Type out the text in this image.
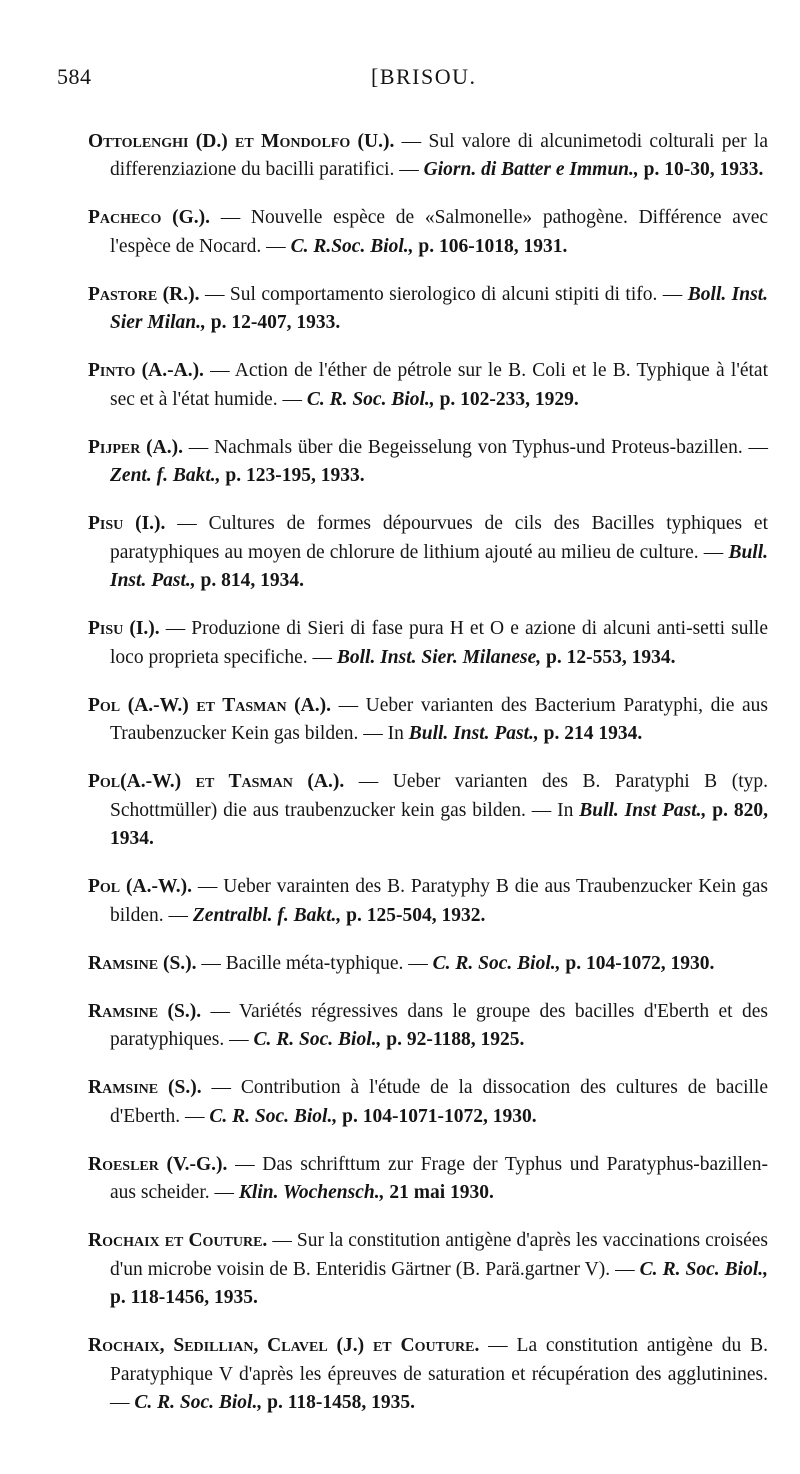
584	[BRISOU.

Ottolenghi (D.) et Mondolfo (U.). — Sul valore di alcunimetodi colturali per la differenziazione du bacilli paratifici. — Giorn. di Batter e Immun., p. 10-30, 1933.

Pacheco (G.). — Nouvelle espèce de «Salmonelle» pathogène. Différence avec l'espèce de Nocard. — C. R.Soc. Biol., p. 106-1018, 1931.

Pastore (R.). — Sul comportamento sierologico di alcuni stipiti di tifo. — Boll. Inst. Sier Milan., p. 12-407, 1933.

Pinto (A.-A.). — Action de l'éther de pétrole sur le B. Coli et le B. Typhique à l'état sec et à l'état humide. — C. R. Soc. Biol., p. 102-233, 1929.

Pijper (A.). — Nachmals über die Begeisselung von Typhus-und Proteus-bazillen. — Zent. f. Bakt., p. 123-195, 1933.

Pisu (I.). — Cultures de formes dépourvues de cils des Bacilles typhiques et paratyphiques au moyen de chlorure de lithium ajouté au milieu de culture. — Bull. Inst. Past., p. 814, 1934.

Pisu (I.). — Produzione di Sieri di fase pura H et O e azione di alcuni anti-setti sulle loco proprieta specifiche. — Boll. Inst. Sier. Milanese, p. 12-553, 1934.

Pol (A.-W.) et Tasman (A.). — Ueber varianten des Bacterium Paratyphi, die aus Traubenzucker Kein gas bilden. — In Bull. Inst. Past., p. 214 1934.

Pol(A.-W.) et Tasman (A.). — Ueber varianten des B. Paratyphi B (typ. Schottmüller) die aus traubenzucker kein gas bilden. — In Bull. Inst Past., p. 820, 1934.

Pol (A.-W.). — Ueber varainten des B. Paratyphy B die aus Traubenzucker Kein gas bilden. — Zentralbl. f. Bakt., p. 125-504, 1932.

Ramsine (S.). — Bacille méta-typhique. — C. R. Soc. Biol., p. 104-1072, 1930.

Ramsine (S.). — Variétés régressives dans le groupe des bacilles d'Eberth et des paratyphiques. — C. R. Soc. Biol., p. 92-1188, 1925.

Ramsine (S.). — Contribution à l'étude de la dissocation des cultures de bacille d'Eberth. — C. R. Soc. Biol., p. 104-1071-1072, 1930.

Roesler (V.-G.). — Das schrifttum zur Frage der Typhus und Paratyphus-bazillen- aus scheider. — Klin. Wochensch., 21 mai 1930.

Rochaix et Couture. — Sur la constitution antigène d'après les vaccinations croisées d'un microbe voisin de B. Enteridis Gärtner (B. Parä.gartner V). — C. R. Soc. Biol., p. 118-1456, 1935.

Rochaix, Sedillian, Clavel (J.) et Couture. — La constitution antigène du B. Paratyphique V d'après les épreuves de saturation et récupération des agglutinines. — C. R. Soc. Biol., p. 118-1458, 1935.
